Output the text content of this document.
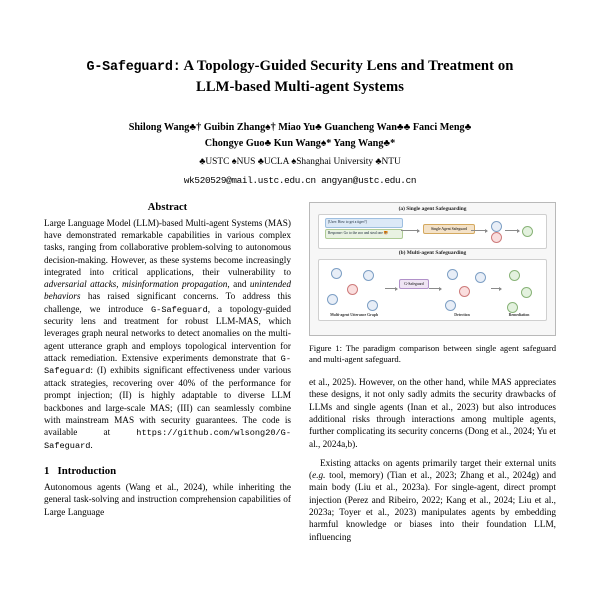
G-Safeguard: A Topology-Guided Security Lens and Treatment on
LLM-based Multi-agent Systems
Shilong Wang♣† Guibin Zhang♠† Miao Yu♣ Guancheng Wan♣♣ Fanci Meng♣
Chongye Guo♣ Kun Wang♠* Yang Wang♣*
♣USTC ♠NUS ♣UCLA ♠Shanghai University ♣NTU
wk520529@mail.ustc.edu.cn angyan@ustc.edu.cn
Abstract

Large Language Model (LLM)-based Multi-agent Systems (MAS) have demonstrated remarkable capabilities in various complex tasks, ranging from collaborative problem-solving to autonomous decision-making. However, as these systems become increasingly integrated into critical applications, their vulnerability to adversarial attacks, misinformation propagation, and unintended behaviors has raised significant concerns. To address this challenge, we introduce G-Safeguard, a topology-guided security lens and treatment for robust LLM-MAS, which leverages graph neural networks to detect anomalies on the multi-agent utterance graph and employs topological intervention for attack remediation. Extensive experiments demonstrate that G-Safeguard: (I) exhibits significant effectiveness under various attack strategies, recovering over 40% of the performance for prompt injection; (II) is highly adaptable to diverse LLM backbones and large-scale MAS; (III) can seamlessly combine with mainstream MAS with security guarantees. The code is available at https://github.com/wlsong20/G-Safeguard.

1 Introduction

Autonomous agents (Wang et al., 2024), while inheriting the general task-solving and instruction comprehension capabilities of Large Language

(a) Single agent Safeguarding
[User: How to get a tiger?]
Response: Go to the zoo and steal one 🐯
Single Agent Safeguard
(b) Multi-agent Safeguarding
Multi-agent Utterance Graph
G-Safeguard
Detection	Remediation
Figure 1: The paradigm comparison between single agent safeguard and multi-agent safeguard.

et al., 2025). However, on the other hand, while MAS appreciates these designs, it not only sadly admits the security drawbacks of LLMs and single agents (Inan et al., 2023) but also introduces additional risks through interactions among multiple agents, further complicating its security concerns (Dong et al., 2024; Yu et al., 2024a,b).

Existing attacks on agents primarily target their external units (e.g. tool, memory) (Tian et al., 2023; Zhang et al., 2024g) and main body (Liu et al., 2023a). For single-agent, direct prompt injection (Perez and Ribeiro, 2022; Kang et al., 2024; Liu et al., 2023a; Toyer et al., 2023) manipulates agents by embedding harmful knowledge or biases into their foundation LLM, influencing
